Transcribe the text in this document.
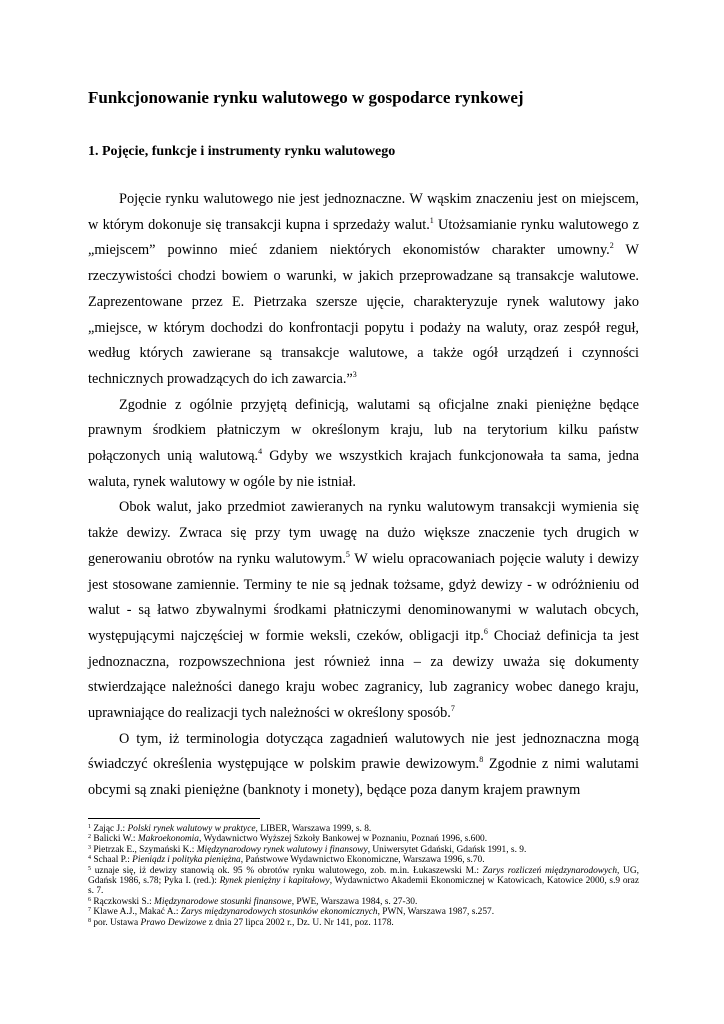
Funkcjonowanie rynku walutowego w gospodarce rynkowej
1. Pojęcie, funkcje i instrumenty rynku walutowego

Pojęcie rynku walutowego nie jest jednoznaczne. W wąskim znaczeniu jest on miejscem, w którym dokonuje się transakcji kupna i sprzedaży walut.$^1$ Utożsamianie rynku walutowego z „miejscem” powinno mieć zdaniem niektórych ekonomistów charakter umowny.$^2$ W rzeczywistości chodzi bowiem o warunki, w jakich przeprowadzane są transakcje walutowe. Zaprezentowane przez E. Pietrzaka szersze ujęcie, charakteryzuje rynek walutowy jako „miejsce, w którym dochodzi do konfrontacji popytu i podaży na waluty, oraz zespół reguł, według których zawierane są transakcje walutowe, a także ogół urządzeń i czynności technicznych prowadzących do ich zawarcia.”$^3$

Zgodnie z ogólnie przyjętą definicją, walutami są oficjalne znaki pieniężne będące prawnym środkiem płatniczym w określonym kraju, lub na terytorium kilku państw połączonych unią walutową.$^4$ Gdyby we wszystkich krajach funkcjonowała ta sama, jedna waluta, rynek walutowy w ogóle by nie istniał.

Obok walut, jako przedmiot zawieranych na rynku walutowym transakcji wymienia się także dewizy. Zwraca się przy tym uwagę na dużo większe znaczenie tych drugich w generowaniu obrotów na rynku walutowym.$^5$ W wielu opracowaniach pojęcie waluty i dewizy jest stosowane zamiennie. Terminy te nie są jednak tożsame, gdyż dewizy - w odróżnieniu od walut - są łatwo zbywalnymi środkami płatniczymi denominowanymi w walutach obcych, występującymi najczęściej w formie weksli, czeków, obligacji itp.$^6$ Chociaż definicja ta jest jednoznaczna, rozpowszechniona jest również inna – za dewizy uważa się dokumenty stwierdzające należności danego kraju wobec zagranicy, lub zagranicy wobec danego kraju, uprawniające do realizacji tych należności w określony sposób.$^7$

O tym, iż terminologia dotycząca zagadnień walutowych nie jest jednoznaczna mogą świadczyć określenia występujące w polskim prawie dewizowym.$^8$ Zgodnie z nimi walutami obcymi są znaki pieniężne (banknoty i monety), będące poza danym krajem prawnym

$^1$ Zając J.: Polski rynek walutowy w praktyce, LIBER, Warszawa 1999, s. 8.

$^2$ Balicki W.: Makroekonomia, Wydawnictwo Wyższej Szkoły Bankowej w Poznaniu, Poznań 1996, s.600.

$^3$ Pietrzak E., Szymański K.: Międzynarodowy rynek walutowy i finansowy, Uniwersytet Gdański, Gdańsk 1991, s. 9.

$^4$ Schaal P.: Pieniądz i polityka pieniężna, Państwowe Wydawnictwo Ekonomiczne, Warszawa 1996, s.70.

$^5$ uznaje się, iż dewizy stanowią ok. 95 % obrotów rynku walutowego, zob. m.in. Łukaszewski M.: Zarys rozliczeń międzynarodowych, UG, Gdańsk 1986, s.78; Pyka I. (red.): Rynek pieniężny i kapitałowy, Wydawnictwo Akademii Ekonomicznej w Katowicach, Katowice 2000, s.9 oraz s. 7.

$^6$ Rączkowski S.: Międzynarodowe stosunki finansowe, PWE, Warszawa 1984, s. 27-30.

$^7$ Klawe A.J., Makać A.: Zarys międzynarodowych stosunków ekonomicznych, PWN, Warszawa 1987, s.257.

$^8$ por. Ustawa Prawo Dewizowe z dnia 27 lipca 2002 r., Dz. U. Nr 141, poz. 1178.
